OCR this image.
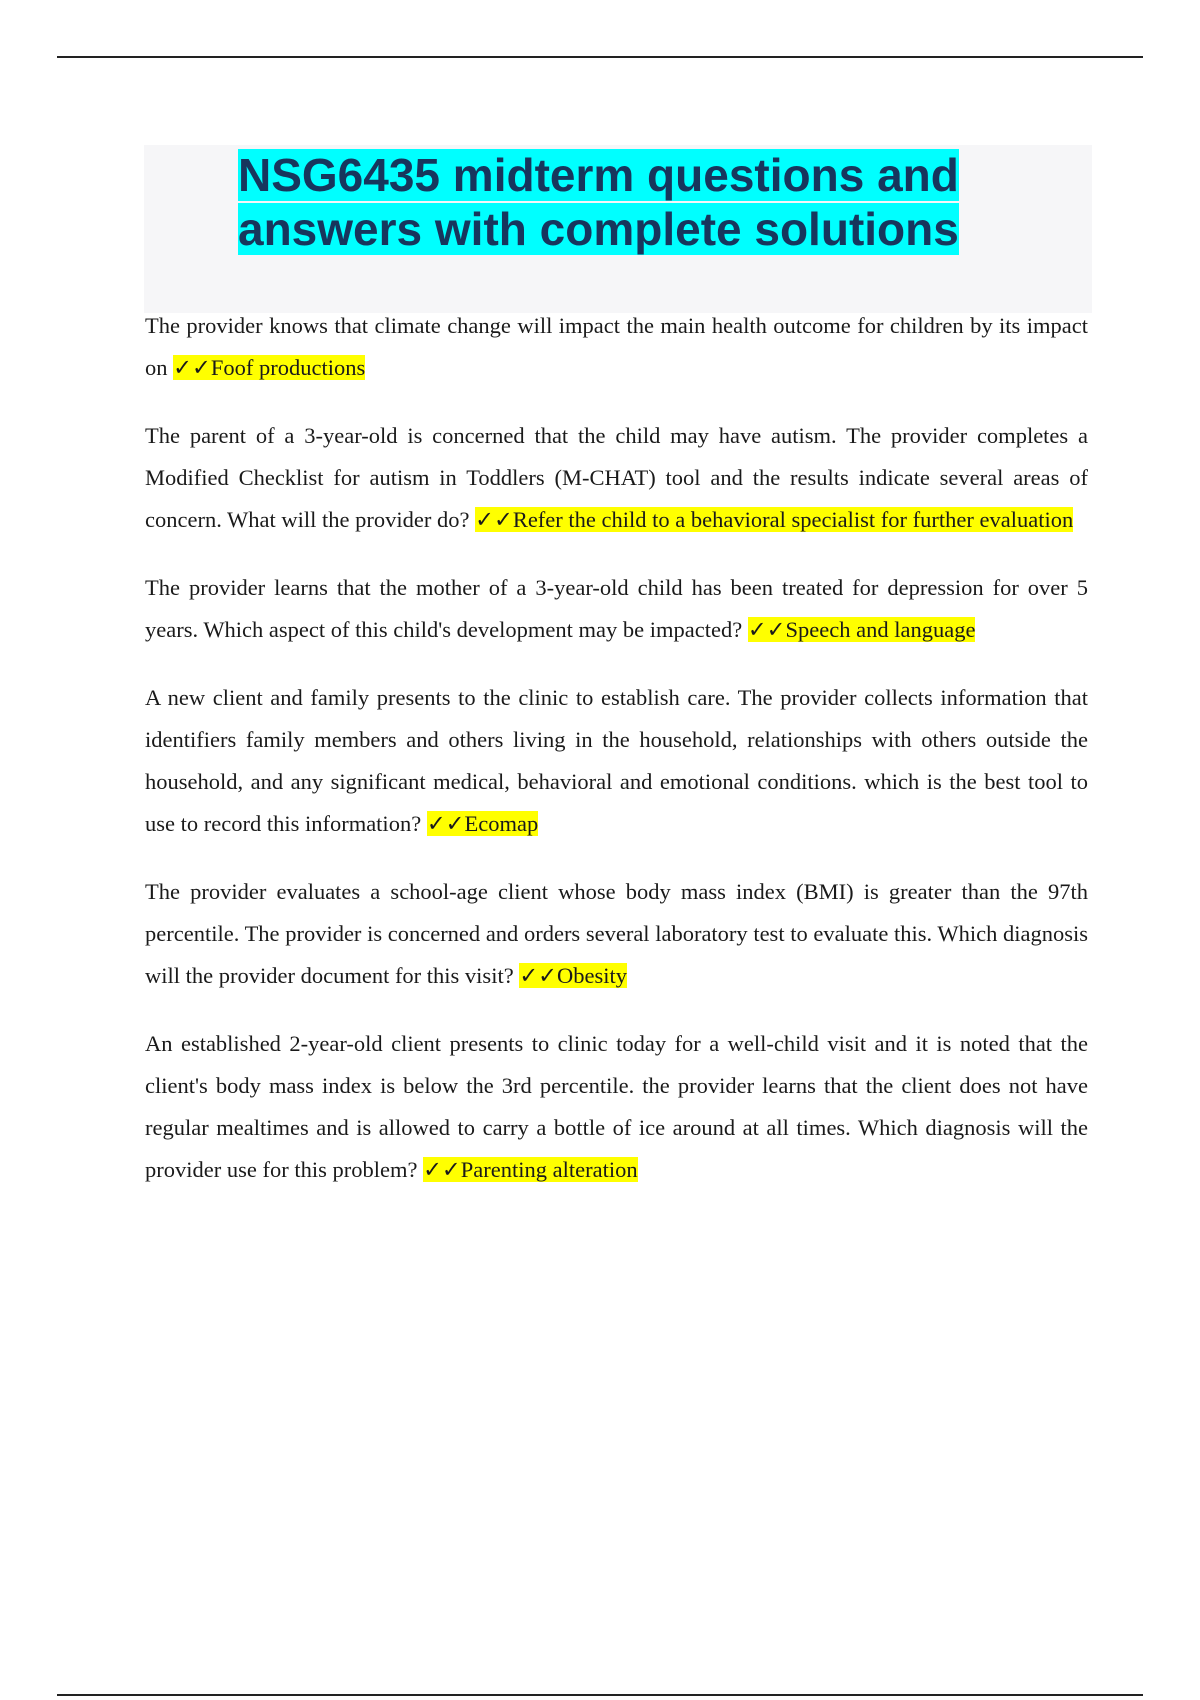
NSG6435 midterm questions and
answers with complete solutions

The provider knows that climate change will impact the main health outcome for children by its impact on ✓✓Foof productions

The parent of a 3-year-old is concerned that the child may have autism. The provider completes a Modified Checklist for autism in Toddlers (M-CHAT) tool and the results indicate several areas of concern. What will the provider do? ✓✓Refer the child to a behavioral specialist for further evaluation

The provider learns that the mother of a 3-year-old child has been treated for depression for over 5 years. Which aspect of this child's development may be impacted? ✓✓Speech and language

A new client and family presents to the clinic to establish care. The provider collects information that identifiers family members and others living in the household, relationships with others outside the household, and any significant medical, behavioral and emotional conditions. which is the best tool to use to record this information? ✓✓Ecomap

The provider evaluates a school-age client whose body mass index (BMI) is greater than the 97th percentile. The provider is concerned and orders several laboratory test to evaluate this. Which diagnosis will the provider document for this visit? ✓✓Obesity

An established 2-year-old client presents to clinic today for a well-child visit and it is noted that the client's body mass index is below the 3rd percentile. the provider learns that the client does not have regular mealtimes and is allowed to carry a bottle of ice around at all times. Which diagnosis will the provider use for this problem? ✓✓Parenting alteration
